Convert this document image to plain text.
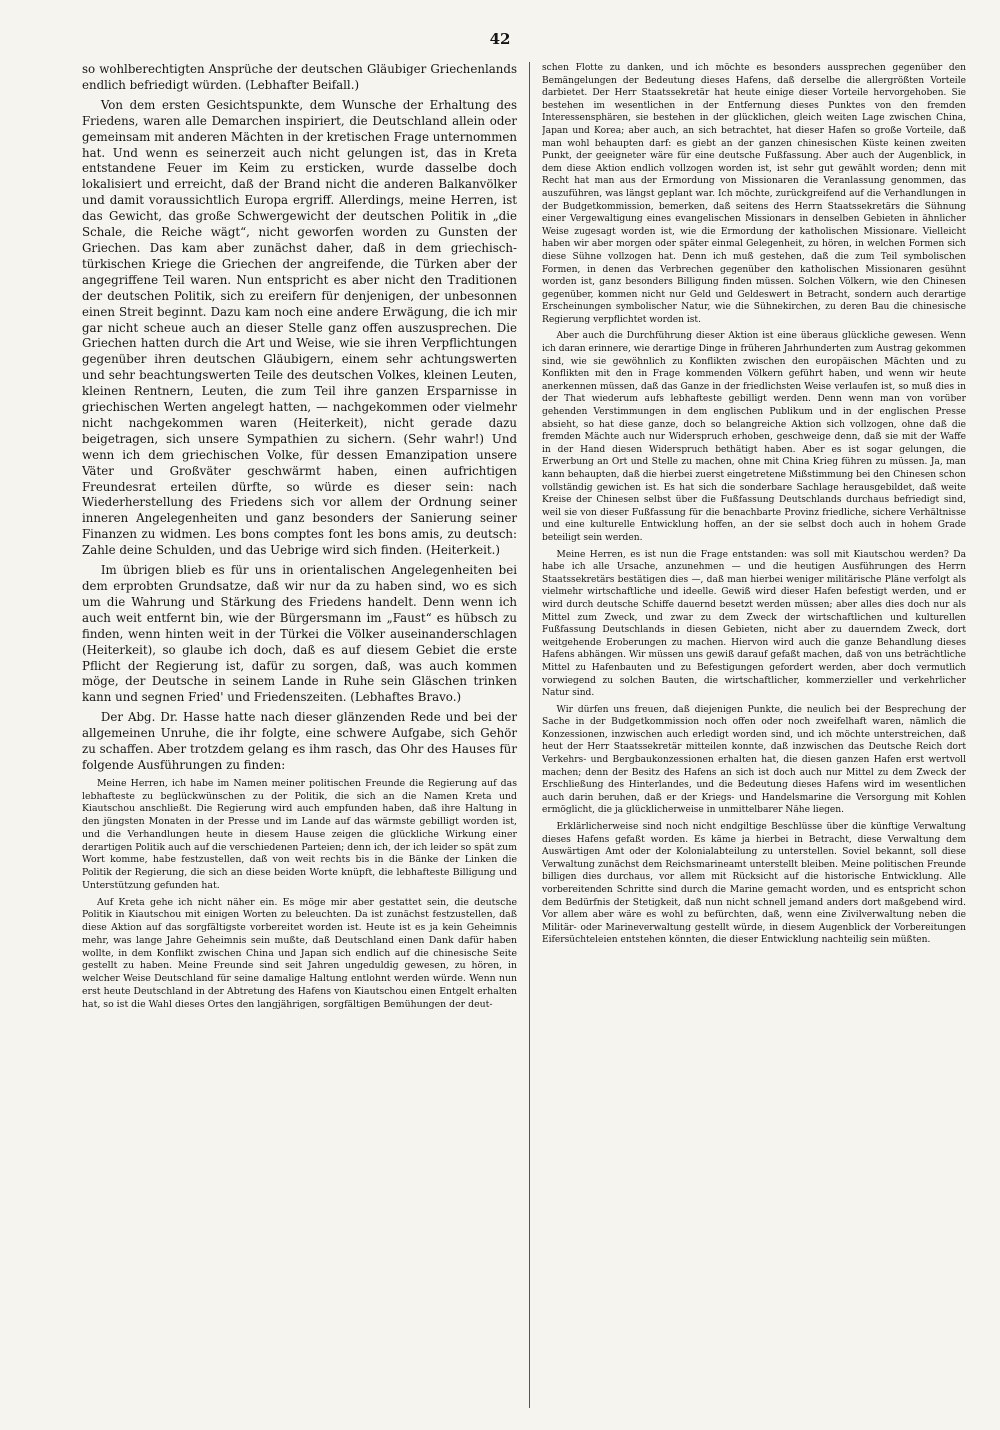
42

so wohlberechtigten Ansprüche der deutschen Gläubiger Griechenlands endlich befriedigt würden. (Lebhafter Beifall.)

Von dem ersten Gesichtspunkte, dem Wunsche der Erhaltung des Friedens, waren alle Demarchen inspiriert, die Deutschland allein oder gemeinsam mit anderen Mächten in der kretischen Frage unternommen hat. Und wenn es seinerzeit auch nicht gelungen ist, das in Kreta entstandene Feuer im Keim zu ersticken, wurde dasselbe doch lokalisiert und erreicht, daß der Brand nicht die anderen Balkanvölker und damit voraussichtlich Europa ergriff. Allerdings, meine Herren, ist das Gewicht, das große Schwergewicht der deutschen Politik in „die Schale, die Reiche wägt“, nicht geworfen worden zu Gunsten der Griechen. Das kam aber zunächst daher, daß in dem griechisch-türkischen Kriege die Griechen der angreifende, die Türken aber der angegriffene Teil waren. Nun entspricht es aber nicht den Traditionen der deutschen Politik, sich zu ereifern für denjenigen, der unbesonnen einen Streit beginnt. Dazu kam noch eine andere Erwägung, die ich mir gar nicht scheue auch an dieser Stelle ganz offen auszusprechen. Die Griechen hatten durch die Art und Weise, wie sie ihren Verpflichtungen gegenüber ihren deutschen Gläubigern, einem sehr achtungswerten und sehr beachtungswerten Teile des deutschen Volkes, kleinen Leuten, kleinen Rentnern, Leuten, die zum Teil ihre ganzen Ersparnisse in griechischen Werten angelegt hatten, — nachgekommen oder vielmehr nicht nachgekommen waren (Heiterkeit), nicht gerade dazu beigetragen, sich unsere Sympathien zu sichern. (Sehr wahr!) Und wenn ich dem griechischen Volke, für dessen Emanzipation unsere Väter und Großväter geschwärmt haben, einen aufrichtigen Freundesrat erteilen dürfte, so würde es dieser sein: nach Wiederherstellung des Friedens sich vor allem der Ordnung seiner inneren Angelegenheiten und ganz besonders der Sanierung seiner Finanzen zu widmen. Les bons comptes font les bons amis, zu deutsch: Zahle deine Schulden, und das Uebrige wird sich finden. (Heiterkeit.)

Im übrigen blieb es für uns in orientalischen Angelegenheiten bei dem erprobten Grundsatze, daß wir nur da zu haben sind, wo es sich um die Wahrung und Stärkung des Friedens handelt. Denn wenn ich auch weit entfernt bin, wie der Bürgersmann im „Faust“ es hübsch zu finden, wenn hinten weit in der Türkei die Völker auseinanderschlagen (Heiterkeit), so glaube ich doch, daß es auf diesem Gebiet die erste Pflicht der Regierung ist, dafür zu sorgen, daß, was auch kommen möge, der Deutsche in seinem Lande in Ruhe sein Gläschen trinken kann und segnen Fried' und Friedenszeiten. (Lebhaftes Bravo.)

Der Abg. Dr. Hasse hatte nach dieser glänzenden Rede und bei der allgemeinen Unruhe, die ihr folgte, eine schwere Aufgabe, sich Gehör zu schaffen. Aber trotzdem gelang es ihm rasch, das Ohr des Hauses für folgende Ausführungen zu finden:

Meine Herren, ich habe im Namen meiner politischen Freunde die Regierung auf das lebhafteste zu beglückwünschen zu der Politik, die sich an die Namen Kreta und Kiautschou anschließt. Die Regierung wird auch empfunden haben, daß ihre Haltung in den jüngsten Monaten in der Presse und im Lande auf das wärmste gebilligt worden ist, und die Verhandlungen heute in diesem Hause zeigen die glückliche Wirkung einer derartigen Politik auch auf die verschiedenen Parteien; denn ich, der ich leider so spät zum Wort komme, habe festzustellen, daß von weit rechts bis in die Bänke der Linken die Politik der Regierung, die sich an diese beiden Worte knüpft, die lebhafteste Billigung und Unterstützung gefunden hat.

Auf Kreta gehe ich nicht näher ein. Es möge mir aber gestattet sein, die deutsche Politik in Kiautschou mit einigen Worten zu beleuchten. Da ist zunächst festzustellen, daß diese Aktion auf das sorgfältigste vorbereitet worden ist. Heute ist es ja kein Geheimnis mehr, was lange Jahre Geheimnis sein mußte, daß Deutschland einen Dank dafür haben wollte, in dem Konflikt zwischen China und Japan sich endlich auf die chinesische Seite gestellt zu haben. Meine Freunde sind seit Jahren ungeduldig gewesen, zu hören, in welcher Weise Deutschland für seine damalige Haltung entlohnt werden würde. Wenn nun erst heute Deutschland in der Abtretung des Hafens von Kiautschou einen Entgelt erhalten hat, so ist die Wahl dieses Ortes den langjährigen, sorgfältigen Bemühungen der deut-

schen Flotte zu danken, und ich möchte es besonders aussprechen gegenüber den Bemängelungen der Bedeutung dieses Hafens, daß derselbe die allergrößten Vorteile darbietet. Der Herr Staatssekretär hat heute einige dieser Vorteile hervorgehoben. Sie bestehen im wesentlichen in der Entfernung dieses Punktes von den fremden Interessensphären, sie bestehen in der glücklichen, gleich weiten Lage zwischen China, Japan und Korea; aber auch, an sich betrachtet, hat dieser Hafen so große Vorteile, daß man wohl behaupten darf: es giebt an der ganzen chinesischen Küste keinen zweiten Punkt, der geeigneter wäre für eine deutsche Fußfassung. Aber auch der Augenblick, in dem diese Aktion endlich vollzogen worden ist, ist sehr gut gewählt worden; denn mit Recht hat man aus der Ermordung von Missionaren die Veranlassung genommen, das auszuführen, was längst geplant war. Ich möchte, zurückgreifend auf die Verhandlungen in der Budgetkommission, bemerken, daß seitens des Herrn Staatssekretärs die Sühnung einer Vergewaltigung eines evangelischen Missionars in denselben Gebieten in ähnlicher Weise zugesagt worden ist, wie die Ermordung der katholischen Missionare. Vielleicht haben wir aber morgen oder später einmal Gelegenheit, zu hören, in welchen Formen sich diese Sühne vollzogen hat. Denn ich muß gestehen, daß die zum Teil symbolischen Formen, in denen das Verbrechen gegenüber den katholischen Missionaren gesühnt worden ist, ganz besonders Billigung finden müssen. Solchen Völkern, wie den Chinesen gegenüber, kommen nicht nur Geld und Geldeswert in Betracht, sondern auch derartige Erscheinungen symbolischer Natur, wie die Sühnekirchen, zu deren Bau die chinesische Regierung verpflichtet worden ist.

Aber auch die Durchführung dieser Aktion ist eine überaus glückliche gewesen. Wenn ich daran erinnere, wie derartige Dinge in früheren Jahrhunderten zum Austrag gekommen sind, wie sie gewöhnlich zu Konflikten zwischen den europäischen Mächten und zu Konflikten mit den in Frage kommenden Völkern geführt haben, und wenn wir heute anerkennen müssen, daß das Ganze in der friedlichsten Weise verlaufen ist, so muß dies in der That wiederum aufs lebhafteste gebilligt werden. Denn wenn man von vorüber gehenden Verstimmungen in dem englischen Publikum und in der englischen Presse absieht, so hat diese ganze, doch so belangreiche Aktion sich vollzogen, ohne daß die fremden Mächte auch nur Widerspruch erhoben, geschweige denn, daß sie mit der Waffe in der Hand diesen Widerspruch bethätigt haben. Aber es ist sogar gelungen, die Erwerbung an Ort und Stelle zu machen, ohne mit China Krieg führen zu müssen. Ja, man kann behaupten, daß die hierbei zuerst eingetretene Mißstimmung bei den Chinesen schon vollständig gewichen ist. Es hat sich die sonderbare Sachlage herausgebildet, daß weite Kreise der Chinesen selbst über die Fußfassung Deutschlands durchaus befriedigt sind, weil sie von dieser Fußfassung für die benachbarte Provinz friedliche, sichere Verhältnisse und eine kulturelle Entwicklung hoffen, an der sie selbst doch auch in hohem Grade beteiligt sein werden.

Meine Herren, es ist nun die Frage entstanden: was soll mit Kiautschou werden? Da habe ich alle Ursache, anzunehmen — und die heutigen Ausführungen des Herrn Staatssekretärs bestätigen dies —, daß man hierbei weniger militärische Pläne verfolgt als vielmehr wirtschaftliche und ideelle. Gewiß wird dieser Hafen befestigt werden, und er wird durch deutsche Schiffe dauernd besetzt werden müssen; aber alles dies doch nur als Mittel zum Zweck, und zwar zu dem Zweck der wirtschaftlichen und kulturellen Fußfassung Deutschlands in diesen Gebieten, nicht aber zu dauerndem Zweck, dort weitgehende Eroberungen zu machen. Hiervon wird auch die ganze Behandlung dieses Hafens abhängen. Wir müssen uns gewiß darauf gefaßt machen, daß von uns beträchtliche Mittel zu Hafenbauten und zu Befestigungen gefordert werden, aber doch vermutlich vorwiegend zu solchen Bauten, die wirtschaftlicher, kommerzieller und verkehrlicher Natur sind.

Wir dürfen uns freuen, daß diejenigen Punkte, die neulich bei der Besprechung der Sache in der Budgetkommission noch offen oder noch zweifelhaft waren, nämlich die Konzessionen, inzwischen auch erledigt worden sind, und ich möchte unterstreichen, daß heut der Herr Staatssekretär mitteilen konnte, daß inzwischen das Deutsche Reich dort Verkehrs- und Bergbaukonzessionen erhalten hat, die diesen ganzen Hafen erst wertvoll machen; denn der Besitz des Hafens an sich ist doch auch nur Mittel zu dem Zweck der Erschließung des Hinterlandes, und die Bedeutung dieses Hafens wird im wesentlichen auch darin beruhen, daß er der Kriegs- und Handelsmarine die Versorgung mit Kohlen ermöglicht, die ja glücklicherweise in unmittelbarer Nähe liegen.

Erklärlicherweise sind noch nicht endgiltige Beschlüsse über die künftige Verwaltung dieses Hafens gefaßt worden. Es käme ja hierbei in Betracht, diese Verwaltung dem Auswärtigen Amt oder der Kolonialabteilung zu unterstellen. Soviel bekannt, soll diese Verwaltung zunächst dem Reichsmarineamt unterstellt bleiben. Meine politischen Freunde billigen dies durchaus, vor allem mit Rücksicht auf die historische Entwicklung. Alle vorbereitenden Schritte sind durch die Marine gemacht worden, und es entspricht schon dem Bedürfnis der Stetigkeit, daß nun nicht schnell jemand anders dort maßgebend wird. Vor allem aber wäre es wohl zu befürchten, daß, wenn eine Zivilverwaltung neben die Militär- oder Marineverwaltung gestellt würde, in diesem Augenblick der Vorbereitungen Eifersüchteleien entstehen könnten, die dieser Entwicklung nachteilig sein müßten.
